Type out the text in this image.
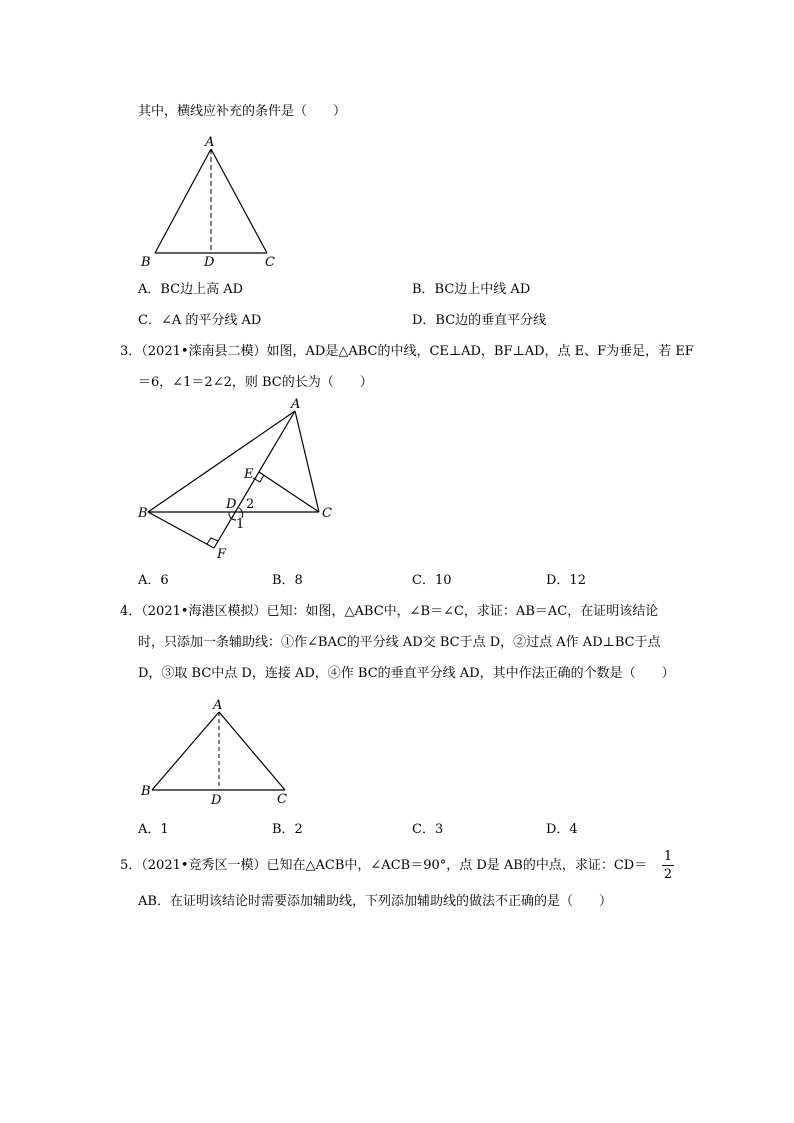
其中，横线应补充的条件是（　　）
A
B	D	C
A．BC边上高 AD	B．BC边上中线 AD
C．∠A 的平分线 AD	D．BC边的垂直平分线
3．（2021•滦南县二模）如图，AD是△ABC的中线，CE⊥AD，BF⊥AD，点 E、F为垂足，若 EF
＝6，∠1＝2∠2，则 BC的长为（　　）
A
B	C
D
E
F
2
1
A．6	B．8	C．10	D．12
4．（2021•海港区模拟）已知：如图，△ABC中，∠B＝∠C，求证：AB＝AC，在证明该结论
时，只添加一条辅助线：①作∠BAC的平分线 AD交 BC于点 D，②过点 A作 AD⊥BC于点
D，③取 BC中点 D，连接 AD，④作 BC的垂直平分线 AD，其中作法正确的个数是（　　）
A
B
D	C
A．1	B．2	C．3	D．4
5．（2021•竞秀区一模）已知在△ACB中，∠ACB＝90°，点 D是 AB的中点，求证：CD＝
1
2
AB．在证明该结论时需要添加辅助线，下列添加辅助线的做法不正确的是（　　）
